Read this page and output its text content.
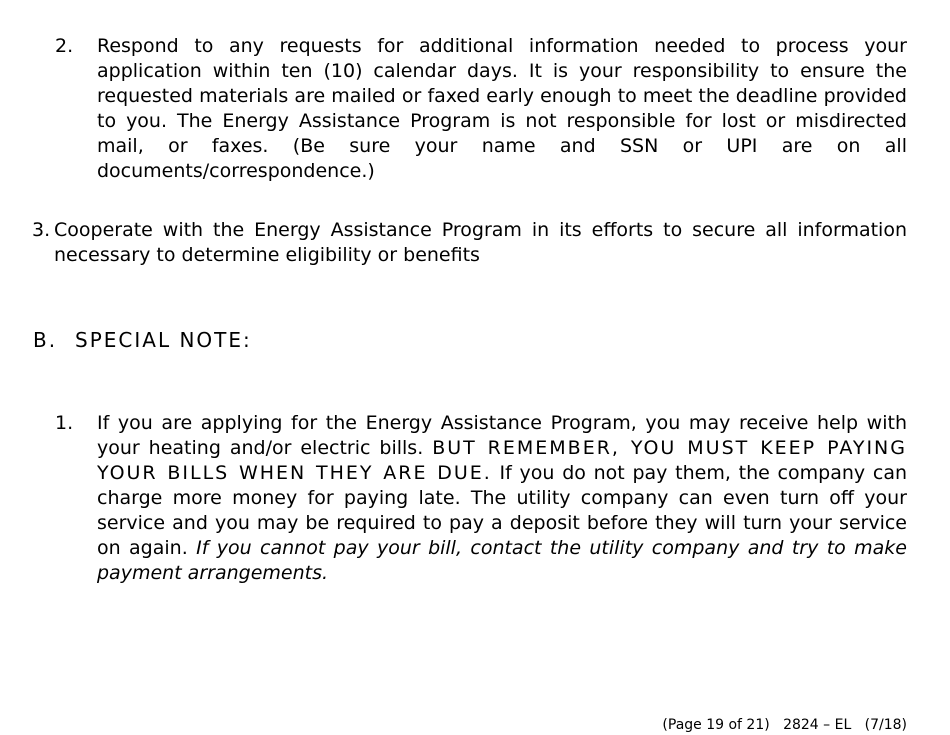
2. Respond to any requests for additional information needed to process your application within ten (10) calendar days. It is your responsibility to ensure the requested materials are mailed or faxed early enough to meet the deadline provided to you. The Energy Assistance Program is not responsible for lost or misdirected mail, or faxes. (Be sure your name and SSN or UPI are on all documents/correspondence.)
3. Cooperate with the Energy Assistance Program in its efforts to secure all information necessary to determine eligibility or benefits
B. SPECIAL NOTE:
1. If you are applying for the Energy Assistance Program, you may receive help with your heating and/or electric bills. BUT REMEMBER, YOU MUST KEEP PAYING YOUR BILLS WHEN THEY ARE DUE. If you do not pay them, the company can charge more money for paying late. The utility company can even turn off your service and you may be required to pay a deposit before they will turn your service on again. If you cannot pay your bill, contact the utility company and try to make payment arrangements.
(Page 19 of 21) 2824 – EL (7/18)
